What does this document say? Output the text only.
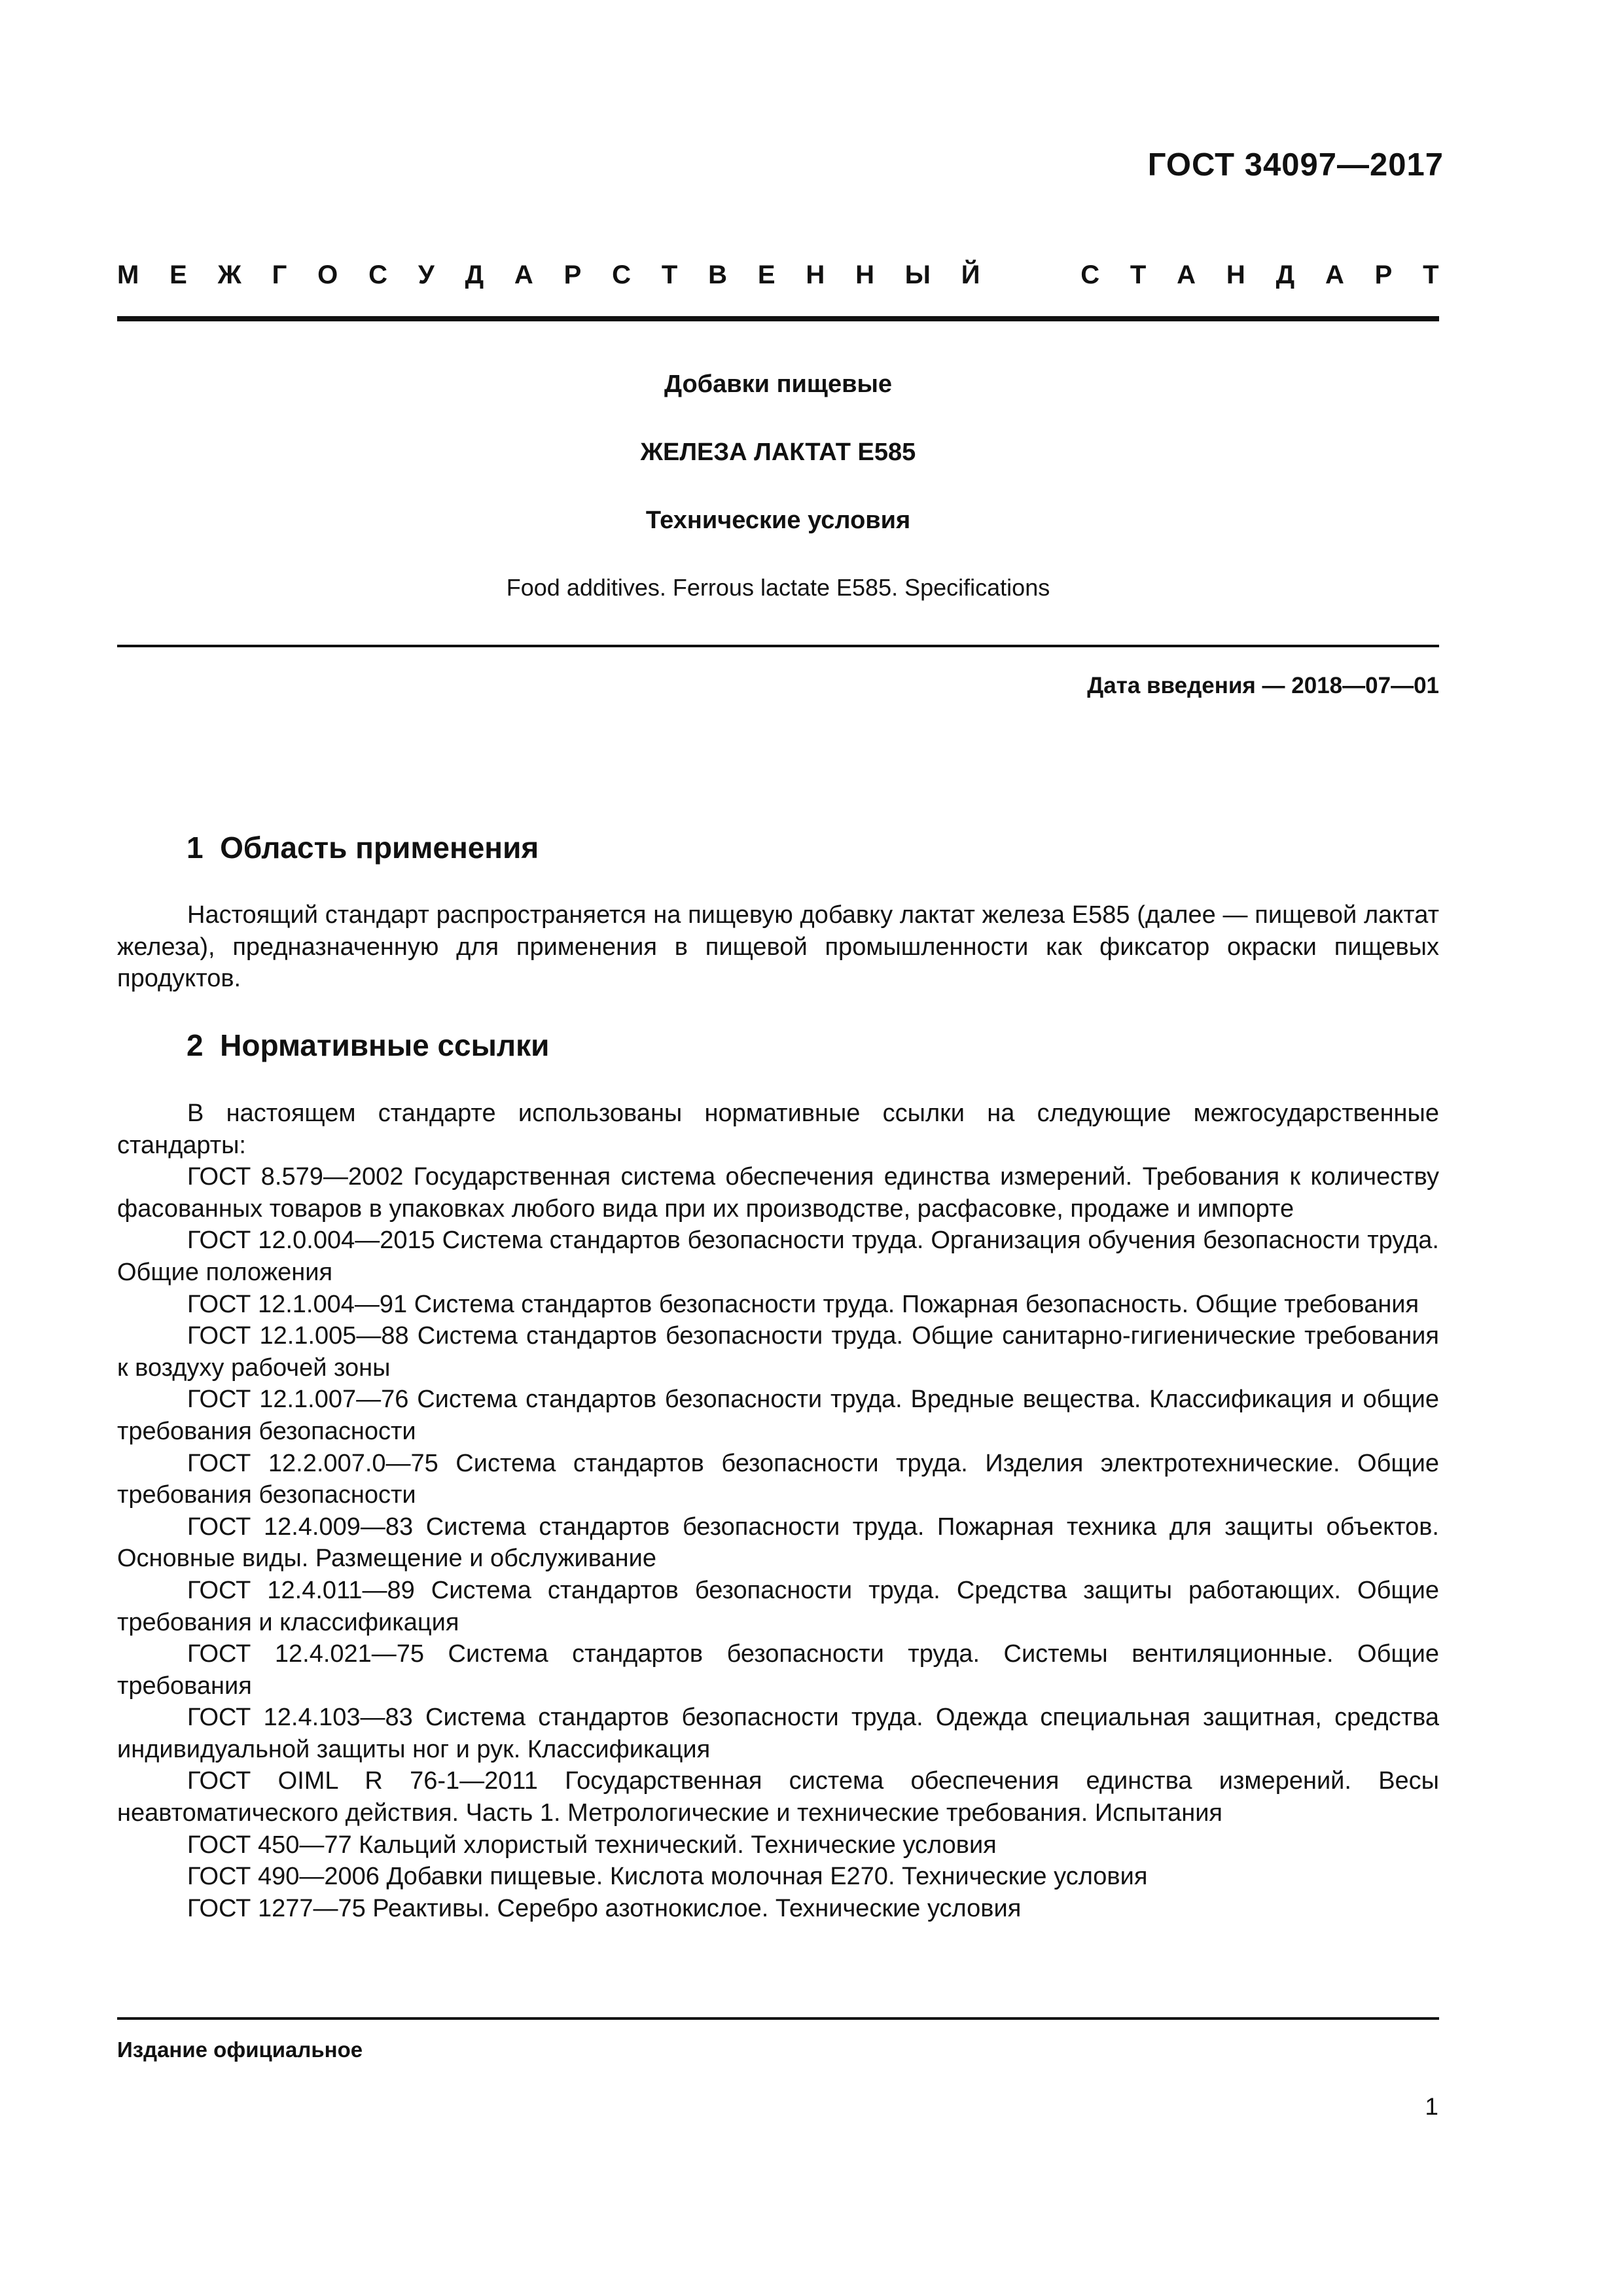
ГОСТ 34097—2017
М Е Ж Г О С У Д А Р С Т В Е Н Н Ы Й	С Т А Н Д А Р Т
Добавки пищевые
ЖЕЛЕЗА ЛАКТАТ Е585
Технические условия
Food additives. Ferrous lactate E585. Specifications
Дата введения — 2018—07—01
1  Область применения

Настоящий стандарт распространяется на пищевую добавку лактат железа Е585 (далее — пищевой лактат железа), предназначенную для применения в пищевой промышленности как фиксатор окраски пищевых продуктов.

2  Нормативные ссылки

В настоящем стандарте использованы нормативные ссылки на следующие межгосударственные стандарты:

ГОСТ 8.579—2002 Государственная система обеспечения единства измерений. Требования к количеству фасованных товаров в упаковках любого вида при их производстве, расфасовке, продаже и импорте

ГОСТ 12.0.004—2015 Система стандартов безопасности труда. Организация обучения безопасности труда. Общие положения

ГОСТ 12.1.004—91 Система стандартов безопасности труда. Пожарная безопасность. Общие требования

ГОСТ 12.1.005—88 Система стандартов безопасности труда. Общие санитарно-гигиенические требования к воздуху рабочей зоны

ГОСТ 12.1.007—76 Система стандартов безопасности труда. Вредные вещества. Классификация и общие требования безопасности

ГОСТ 12.2.007.0—75 Система стандартов безопасности труда. Изделия электротехнические. Общие требования безопасности

ГОСТ 12.4.009—83 Система стандартов безопасности труда. Пожарная техника для защиты объектов. Основные виды. Размещение и обслуживание

ГОСТ 12.4.011—89 Система стандартов безопасности труда. Средства защиты работающих. Общие требования и классификация

ГОСТ 12.4.021—75 Система стандартов безопасности труда. Системы вентиляционные. Общие требования

ГОСТ 12.4.103—83 Система стандартов безопасности труда. Одежда специальная защитная, средства индивидуальной защиты ног и рук. Классификация

ГОСТ OIML R 76-1—2011 Государственная система обеспечения единства измерений. Весы неавтоматического действия. Часть 1. Метрологические и технические требования. Испытания

ГОСТ 450—77 Кальций хлористый технический. Технические условия

ГОСТ 490—2006 Добавки пищевые. Кислота молочная Е270. Технические условия

ГОСТ 1277—75 Реактивы. Серебро азотнокислое. Технические условия

Издание официальное
1
